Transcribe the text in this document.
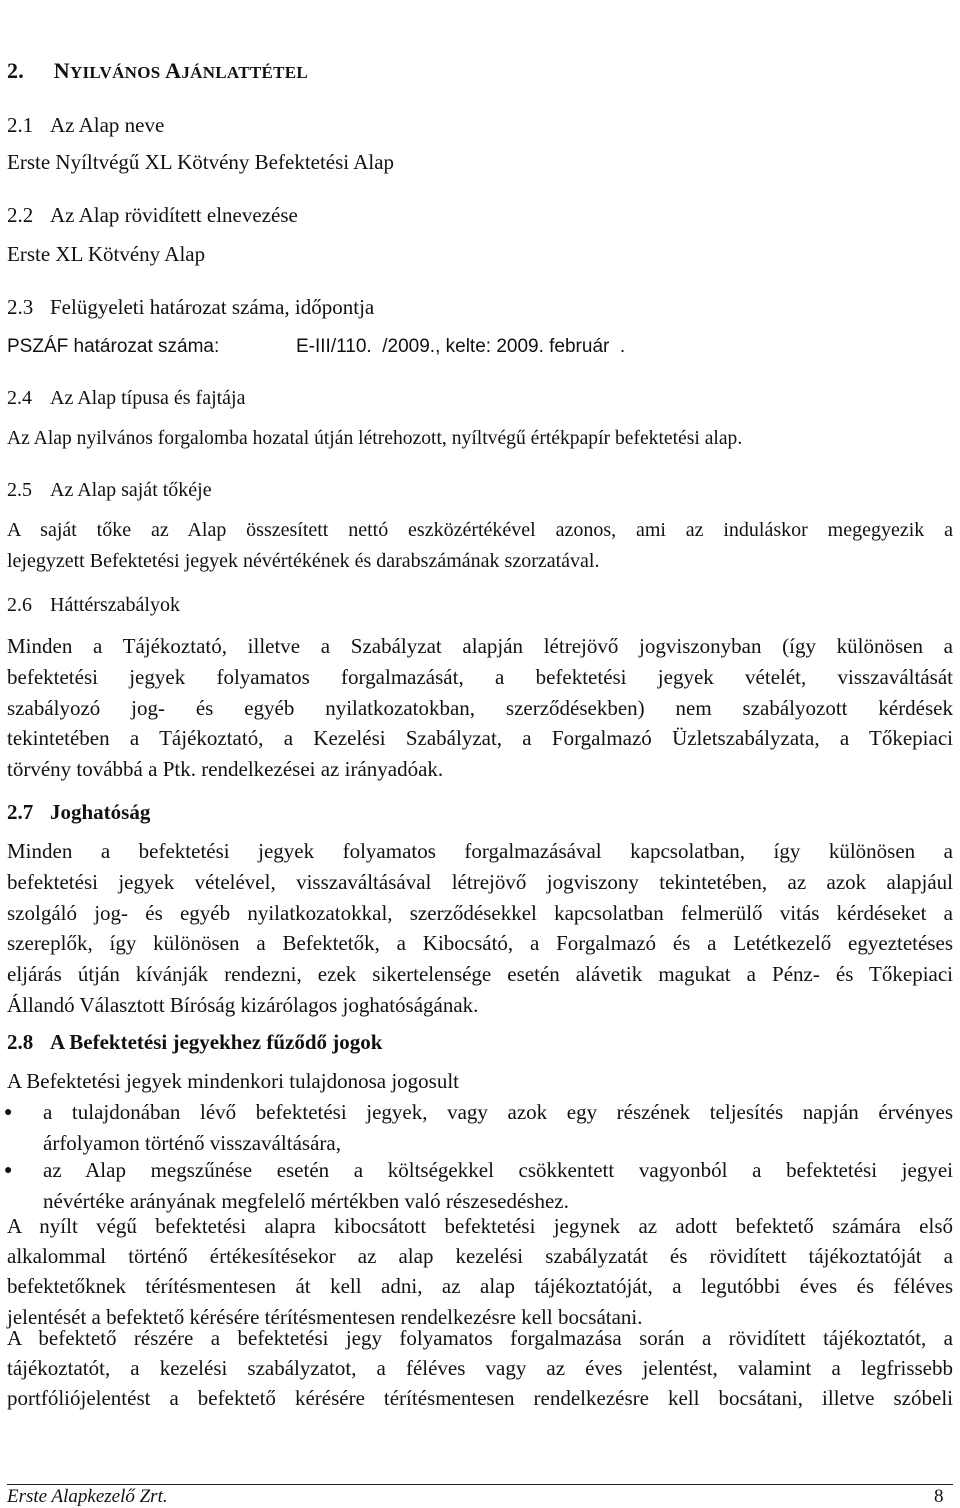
2. NYILVÁNOS AJÁNLATTÉTEL
2.1 Az Alap neve
Erste Nyíltvégű XL Kötvény Befektetési Alap
2.2 Az Alap rövidített elnevezése
Erste XL Kötvény Alap
2.3 Felügyeleti határozat száma, időpontja
PSZÁF határozat száma:	E-III/110.  /2009., kelte: 2009. február  .
2.4 Az Alap típusa és fajtája
Az Alap nyilvános forgalomba hozatal útján létrehozott, nyíltvégű értékpapír befektetési alap.
2.5 Az Alap saját tőkéje
A saját tőke az Alap összesített nettó eszközértékével azonos, ami az induláskor megegyezik a
lejegyzett Befektetési jegyek névértékének és darabszámának szorzatával.
2.6 Háttérszabályok
Minden a Tájékoztató, illetve a Szabályzat alapján létrejövő jogviszonyban (így különösen a
befektetési jegyek folyamatos forgalmazását, a befektetési jegyek vételét, visszaváltását
szabályozó jog- és egyéb nyilatkozatokban, szerződésekben) nem szabályozott kérdések
tekintetében a Tájékoztató, a Kezelési Szabályzat, a Forgalmazó Üzletszabályzata, a Tőkepiaci
törvény továbbá a Ptk. rendelkezései az irányadóak.
2.7 Joghatóság
Minden a befektetési jegyek folyamatos forgalmazásával kapcsolatban, így különösen a
befektetési jegyek vételével, visszaváltásával létrejövő jogviszony tekintetében, az azok alapjául
szolgáló jog- és egyéb nyilatkozatokkal, szerződésekkel kapcsolatban felmerülő vitás kérdéseket a
szereplők, így különösen a Befektetők, a Kibocsátó, a Forgalmazó és a Letétkezelő egyeztetéses
eljárás útján kívánják rendezni, ezek sikertelensége esetén alávetik magukat a Pénz- és Tőkepiaci
Állandó Választott Bíróság kizárólagos joghatóságának.
2.8 A Befektetési jegyekhez fűződő jogok
A Befektetési jegyek mindenkori tulajdonosa jogosult
● a tulajdonában lévő befektetési jegyek, vagy azok egy részének teljesítés napján érvényes
árfolyamon történő visszaváltására,
● az Alap megszűnése esetén a költségekkel csökkentett vagyonból a befektetési jegyei
névértéke arányának megfelelő mértékben való részesedéshez.
A nyílt végű befektetési alapra kibocsátott befektetési jegynek az adott befektető számára első
alkalommal történő értékesítésekor az alap kezelési szabályzatát és rövidített tájékoztatóját a
befektetőknek térítésmentesen át kell adni, az alap tájékoztatóját, a legutóbbi éves és féléves
jelentését a befektető kérésére térítésmentesen rendelkezésre kell bocsátani.
A befektető részére a befektetési jegy folyamatos forgalmazása során a rövidített tájékoztatót, a
tájékoztatót, a kezelési szabályzatot, a féléves vagy az éves jelentést, valamint a legfrissebb
portfóliójelentést a befektető kérésére térítésmentesen rendelkezésre kell bocsátani, illetve szóbeli
Erste Alapkezelő Zrt.	8
